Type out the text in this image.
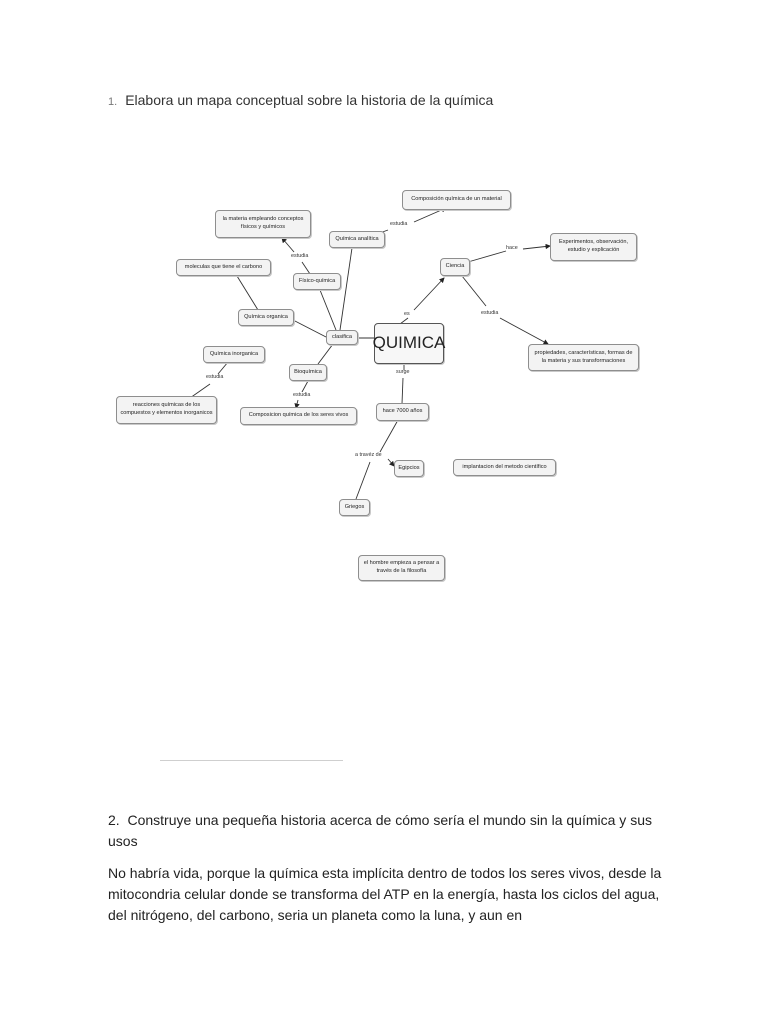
1. Elabora un mapa conceptual sobre la historia de la química
Composición química de un material
la materia empleando conceptos físicos y químicos
Química analítica
Experimentos, observación, estudio y explicación
moleculas que tiene el carbono	Ciencia
Físico-química
Química organica
clasifica	QUIMICA
propiedades, características, formas de la materia y sus transformaciones
Química inorganica
Bioquímica
reacciones químicas de los compuestos y elementos inorganicos	Composicion química de los seres vivos
hace 7000 años
Egipcios	implantacion del metodo científico
Griegos
el hombre empieza a pensar a través de la filosofía
estudia
estudia
hace
es	estudia
estudia
estudia
surge
a travéz de
2. Construye una pequeña historia acerca de cómo sería el mundo sin la química y sus usos
No habría vida, porque la química esta implícita dentro de todos los seres vivos, desde la mitocondria celular donde se transforma del ATP en la energía, hasta los ciclos del agua, del nitrógeno, del carbono, seria un planeta como la luna, y aun en
